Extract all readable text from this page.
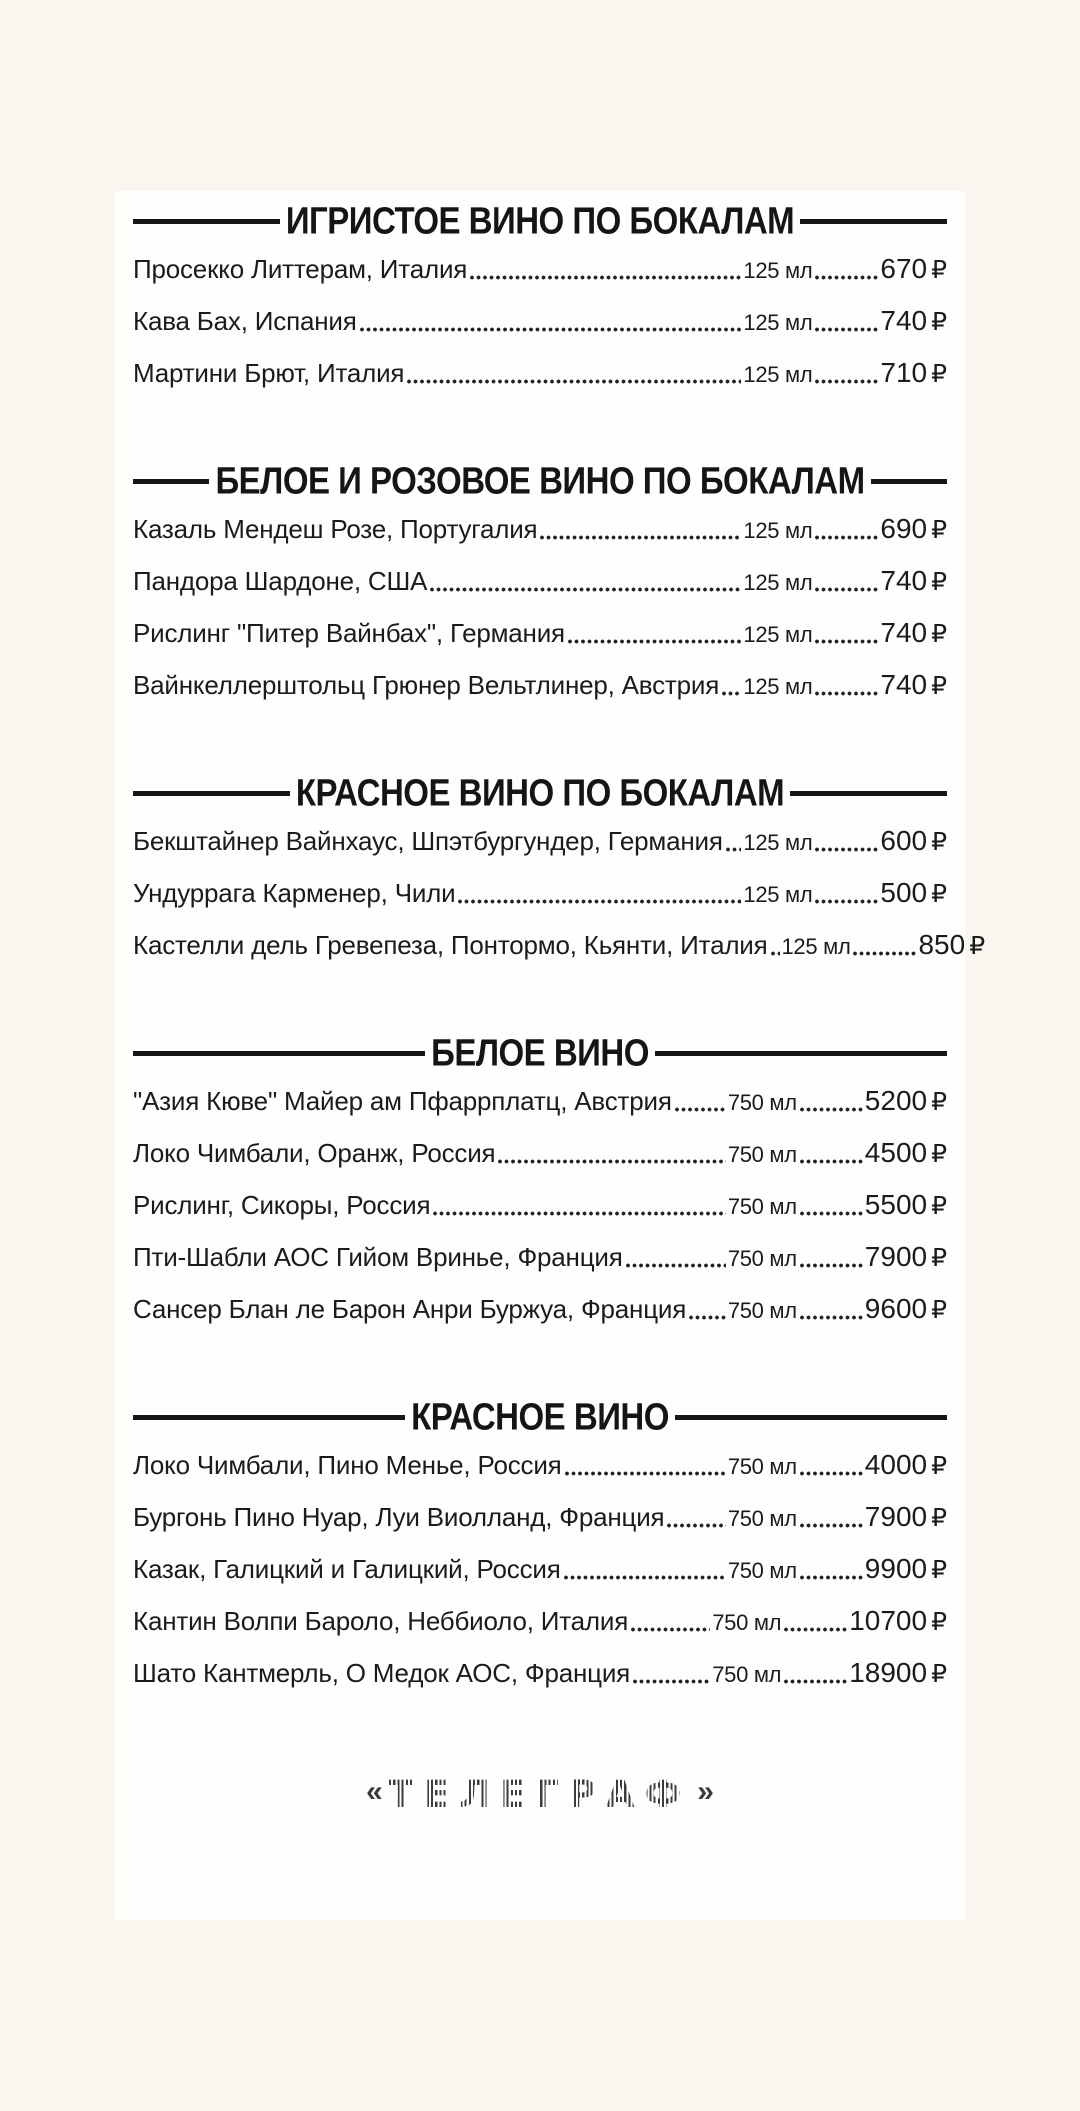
ИГРИСТОЕ ВИНО ПО БОКАЛАМ
Просекко Литтерам, Италия	125 мл 670 ₽
Кава Бах, Испания	125 мл 740 ₽
Мартини Брют, Италия	125 мл 710 ₽
БЕЛОЕ И РОЗОВОЕ ВИНО ПО БОКАЛАМ
Казаль Мендеш Розе, Португалия	125 мл 690 ₽
Пандора Шардоне, США	125 мл 740 ₽
Рислинг "Питер Вайнбах", Германия	125 мл 740 ₽
Вайнкеллерштольц Грюнер Вельтлинер, Австрия 125 мл 740 ₽
КРАСНОЕ ВИНО ПО БОКАЛАМ
Бекштайнер Вайнхаус, Шпэтбургундер, Германия 125 мл 600 ₽
Ундуррага Карменер, Чили	125 мл 500 ₽
Кастелли дель Гревепеза, Понтормо, Кьянти, Италия 125 мл 850 ₽
БЕЛОЕ ВИНО
"Азия Кюве" Майер ам Пфаррплатц, Австрия	750 мл 5200 ₽
Локо Чимбали, Оранж, Россия	750 мл 4500 ₽
Рислинг, Сикоры, Россия	750 мл 5500 ₽
Пти-Шабли АОС Гийом Вринье, Франция	750 мл 7900 ₽
Сансер Блан ле Барон Анри Буржуа, Франция 750 мл 9600 ₽
КРАСНОЕ ВИНО
Локо Чимбали, Пино Менье, Россия	750 мл 4000 ₽
Бургонь Пино Нуар, Луи Виолланд, Франция	750 мл 7900 ₽
Казак, Галицкий и Галицкий, Россия	750 мл 9900 ₽
Кантин Волпи Бароло, Неббиоло, Италия	750 мл 10700 ₽
Шато Кантмерль, О Медок АОС, Франция	750 мл 18900 ₽
« ТЕЛЕГРАФ »
